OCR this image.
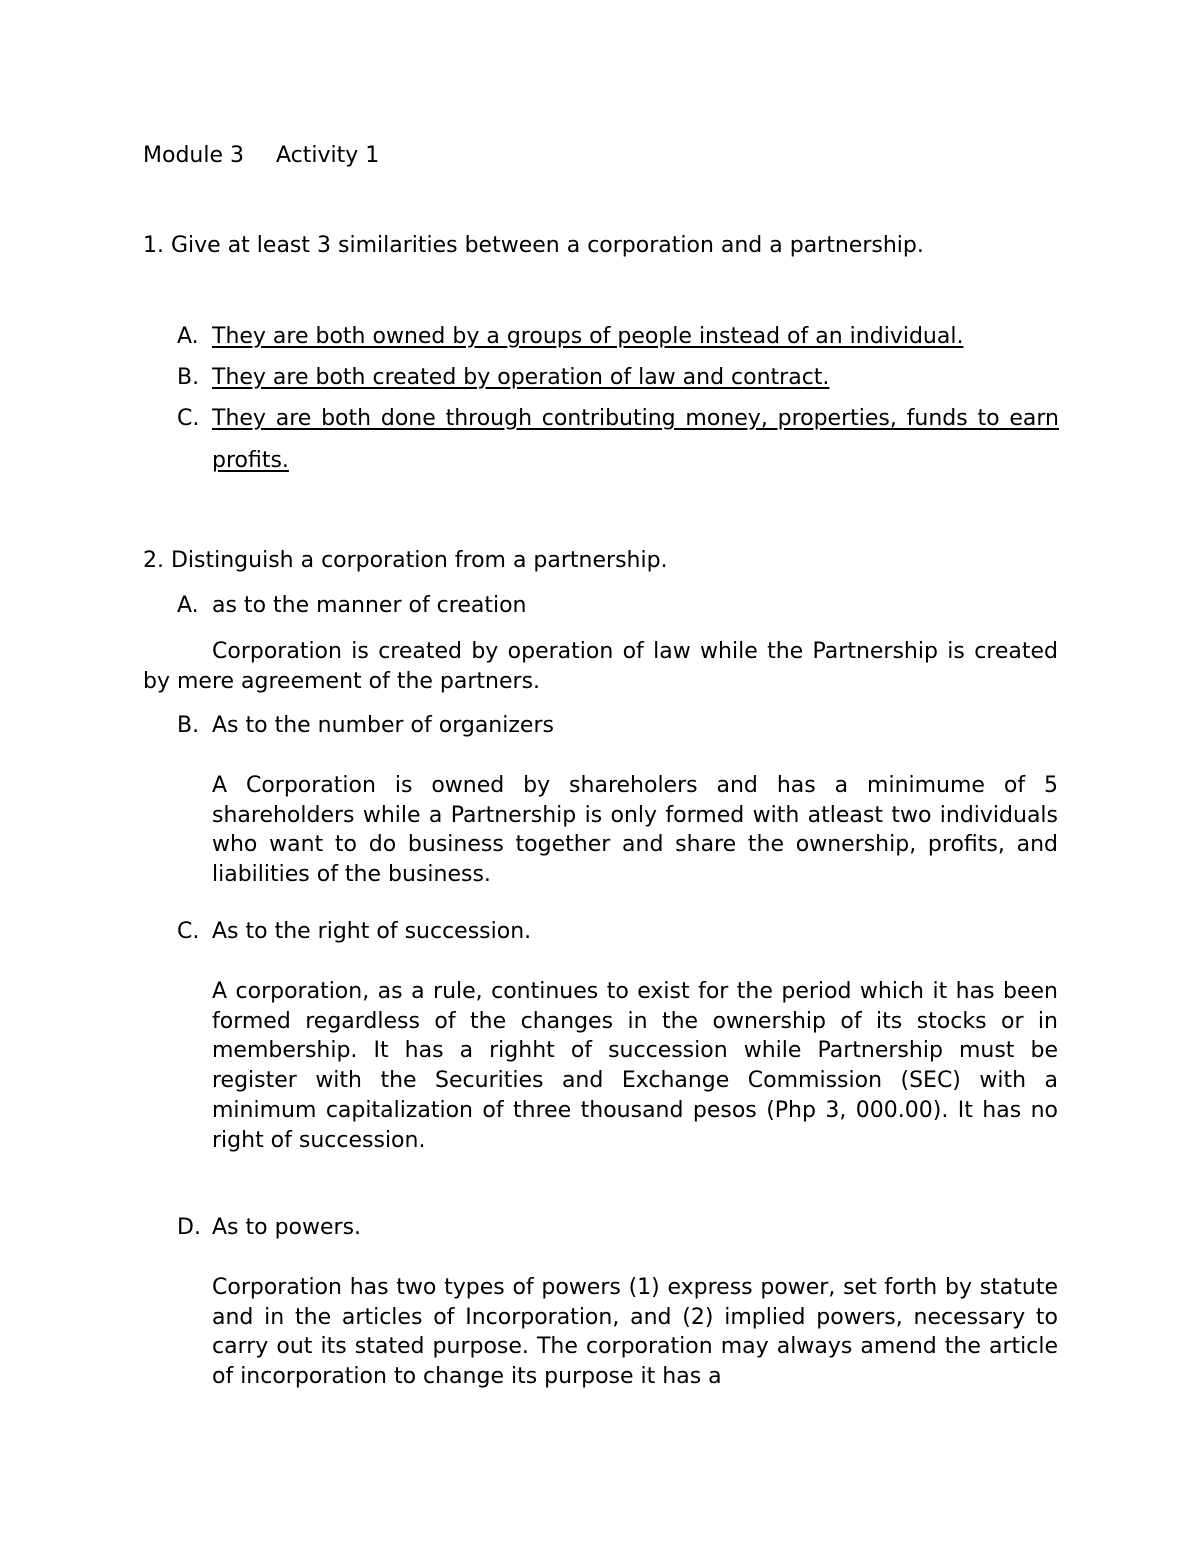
Module 3 Activity 1
1. Give at least 3 similarities between a corporation and a partnership.
A. They are both owned by a groups of people instead of an individual.
B. They are both created by operation of law and contract.
C. They are both done through contributing money, properties, funds to earn profits.
2. Distinguish a corporation from a partnership.
A. as to the manner of creation
Corporation is created by operation of law while the Partnership is created by mere agreement of the partners.
B. As to the number of organizers
A Corporation is owned by shareholers and has a minimume of 5 shareholders while a Partnership is only formed with atleast two individuals who want to do business together and share the ownership, profits, and liabilities of the business.
C. As to the right of succession.
A corporation, as a rule, continues to exist for the period which it has been formed regardless of the changes in the ownership of its stocks or in membership. It has a righht of succession while Partnership must be register with the Securities and Exchange Commission (SEC) with a minimum capitalization of three thousand pesos (Php 3, 000.00). It has no right of succession.
D. As to powers.
Corporation has two types of powers (1) express power, set forth by statute and in the articles of Incorporation, and (2) implied powers, necessary to carry out its stated purpose. The corporation may always amend the article of incorporation to change its purpose it has a
